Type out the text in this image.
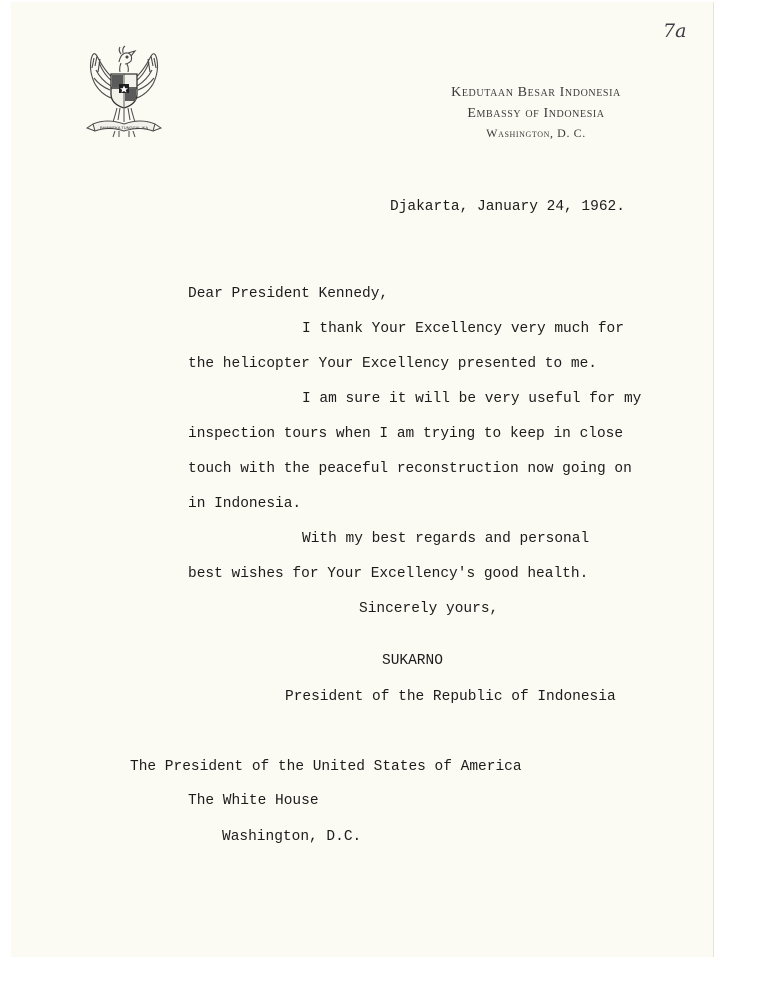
7a
BHINNEKA TUNGGAL IKA
Kedutaan Besar Indonesia
Embassy of Indonesia
Washington, D. C.
Djakarta, January 24, 1962.
Dear President Kennedy,
I thank Your Excellency very much for
the helicopter Your Excellency presented to me.
I am sure it will be very useful for my
inspection tours when I am trying to keep in close
touch with the peaceful reconstruction now going on
in Indonesia.
With my best regards and personal
best wishes for Your Excellency's good health.
Sincerely yours,
SUKARNO
President of the Republic of Indonesia
The President of the United States of America
The White House
Washington, D.C.
